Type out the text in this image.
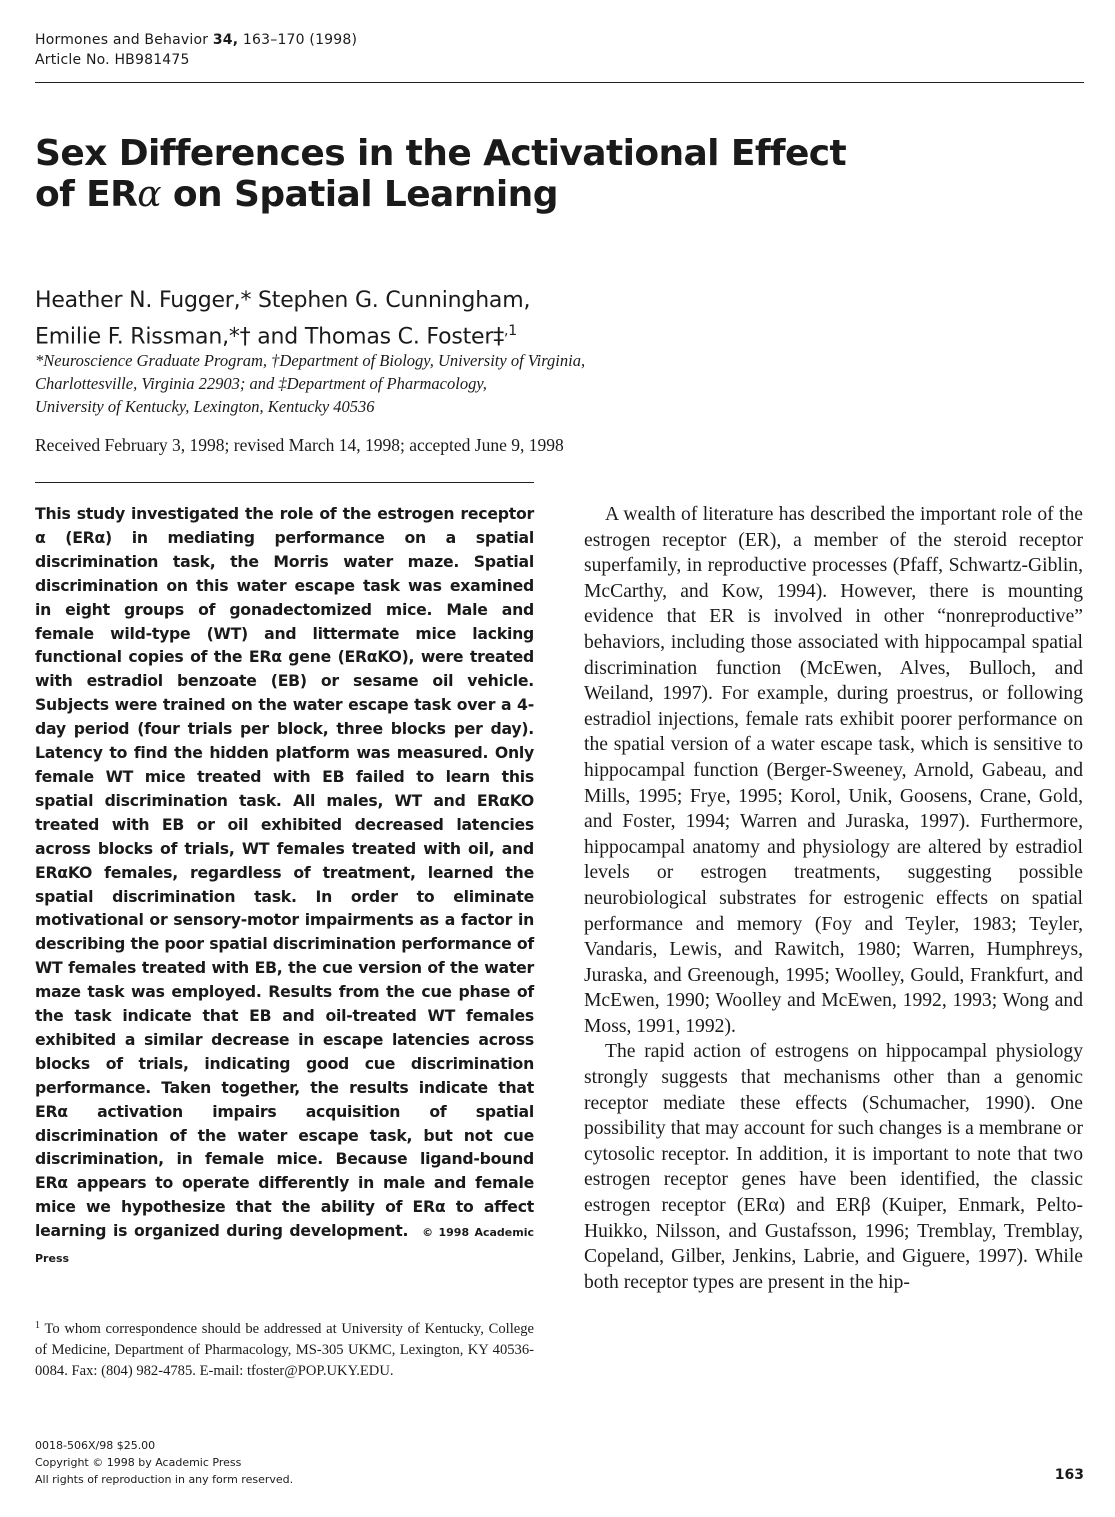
Hormones and Behavior 34, 163–170 (1998)
Article No. HB981475
Sex Differences in the Activational Effect
of ERα on Spatial Learning
Heather N. Fugger,* Stephen G. Cunningham,
Emilie F. Rissman,*† and Thomas C. Foster‡$^{,1}$
*Neuroscience Graduate Program, †Department of Biology, University of Virginia,
Charlottesville, Virginia 22903; and ‡Department of Pharmacology,
University of Kentucky, Lexington, Kentucky 40536
Received February 3, 1998; revised March 14, 1998; accepted June 9, 1998
This study investigated the role of the estrogen receptor α (ERα) in mediating performance on a spatial discrimination task, the Morris water maze. Spatial discrimination on this water escape task was examined in eight groups of gonadectomized mice. Male and female wild-type (WT) and littermate mice lacking functional copies of the ERα gene (ERαKO), were treated with estradiol benzoate (EB) or sesame oil vehicle. Subjects were trained on the water escape task over a 4-day period (four trials per block, three blocks per day). Latency to find the hidden platform was measured. Only female WT mice treated with EB failed to learn this spatial discrimination task. All males, WT and ERαKO treated with EB or oil exhibited decreased latencies across blocks of trials, WT females treated with oil, and ERαKO females, regardless of treatment, learned the spatial discrimination task. In order to eliminate motivational or sensory-motor impairments as a factor in describing the poor spatial discrimination performance of WT females treated with EB, the cue version of the water maze task was employed. Results from the cue phase of the task indicate that EB and oil-treated WT females exhibited a similar decrease in escape latencies across blocks of trials, indicating good cue discrimination performance. Taken together, the results indicate that ERα activation impairs acquisition of spatial discrimination of the water escape task, but not cue discrimination, in female mice. Because ligand-bound ERα appears to operate differently in male and female mice we hypothesize that the ability of ERα to affect learning is organized during development. © 1998 Academic Press
$^1$ To whom correspondence should be addressed at University of Kentucky, College of Medicine, Department of Pharmacology, MS-305 UKMC, Lexington, KY 40536-0084. Fax: (804) 982-4785. E-mail: tfoster@POP.UKY.EDU.

A wealth of literature has described the important role of the estrogen receptor (ER), a member of the steroid receptor superfamily, in reproductive processes (Pfaff, Schwartz-Giblin, McCarthy, and Kow, 1994). However, there is mounting evidence that ER is involved in other “nonreproductive” behaviors, including those associated with hippocampal spatial discrimination function (McEwen, Alves, Bulloch, and Weiland, 1997). For example, during proestrus, or following estradiol injections, female rats exhibit poorer performance on the spatial version of a water escape task, which is sensitive to hippocampal function (Berger-Sweeney, Arnold, Gabeau, and Mills, 1995; Frye, 1995; Korol, Unik, Goosens, Crane, Gold, and Foster, 1994; Warren and Juraska, 1997). Furthermore, hippocampal anatomy and physiology are altered by estradiol levels or estrogen treatments, suggesting possible neurobiological substrates for estrogenic effects on spatial performance and memory (Foy and Teyler, 1983; Teyler, Vandaris, Lewis, and Rawitch, 1980; Warren, Humphreys, Juraska, and Greenough, 1995; Woolley, Gould, Frankfurt, and McEwen, 1990; Woolley and McEwen, 1992, 1993; Wong and Moss, 1991, 1992).

The rapid action of estrogens on hippocampal physiology strongly suggests that mechanisms other than a genomic receptor mediate these effects (Schumacher, 1990). One possibility that may account for such changes is a membrane or cytosolic receptor. In addition, it is important to note that two estrogen receptor genes have been identified, the classic estrogen receptor (ERα) and ERβ (Kuiper, Enmark, Pelto-Huikko, Nilsson, and Gustafsson, 1996; Tremblay, Tremblay, Copeland, Gilber, Jenkins, Labrie, and Giguere, 1997). While both receptor types are present in the hip-

0018-506X/98 $25.00
Copyright © 1998 by Academic Press
All rights of reproduction in any form reserved.	163
